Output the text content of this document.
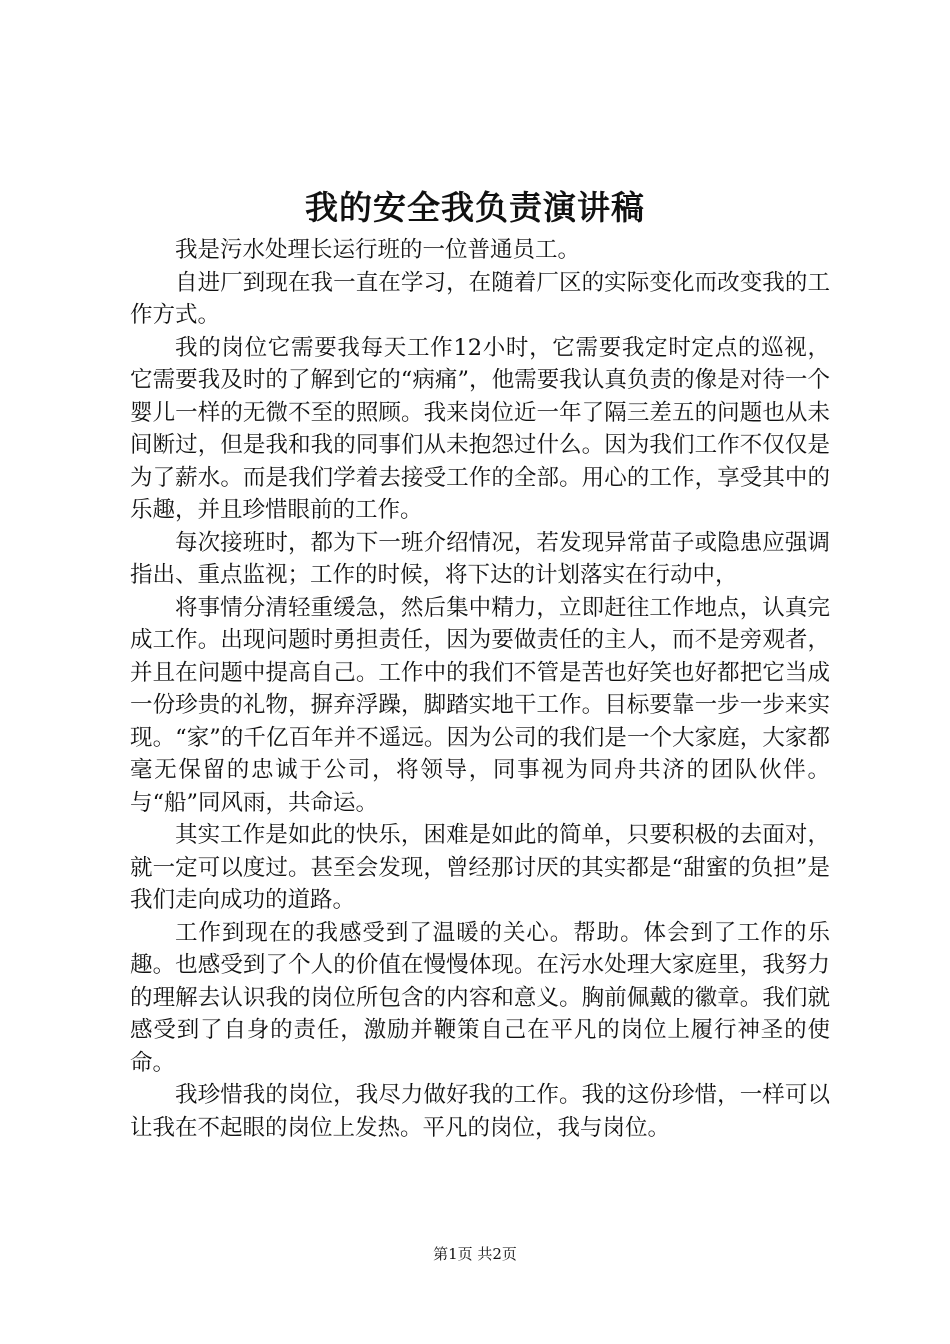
我的安全我负责演讲稿

我是污水处理长运行班的一位普通员工。

自进厂到现在我一直在学习，在随着厂区的实际变化而改变我的工作方式。

我的岗位它需要我每天工作12小时，它需要我定时定点的巡视，它需要我及时的了解到它的“病痛”，他需要我认真负责的像是对待一个婴儿一样的无微不至的照顾。我来岗位近一年了隔三差五的问题也从未间断过，但是我和我的同事们从未抱怨过什么。因为我们工作不仅仅是为了薪水。而是我们学着去接受工作的全部。用心的工作，享受其中的乐趣，并且珍惜眼前的工作。

每次接班时，都为下一班介绍情况，若发现异常苗子或隐患应强调指出、重点监视；工作的时候，将下达的计划落实在行动中，

将事情分清轻重缓急，然后集中精力，立即赶往工作地点，认真完成工作。出现问题时勇担责任，因为要做责任的主人，而不是旁观者，并且在问题中提高自己。工作中的我们不管是苦也好笑也好都把它当成一份珍贵的礼物，摒弃浮躁，脚踏实地干工作。目标要靠一步一步来实现。“家”的千亿百年并不遥远。因为公司的我们是一个大家庭，大家都毫无保留的忠诚于公司，将领导，同事视为同舟共济的团队伙伴。与“船”同风雨，共命运。

其实工作是如此的快乐，困难是如此的简单，只要积极的去面对，就一定可以度过。甚至会发现，曾经那讨厌的其实都是“甜蜜的负担”是我们走向成功的道路。

工作到现在的我感受到了温暖的关心。帮助。体会到了工作的乐趣。也感受到了个人的价值在慢慢体现。在污水处理大家庭里，我努力的理解去认识我的岗位所包含的内容和意义。胸前佩戴的徽章。我们就感受到了自身的责任，激励并鞭策自己在平凡的岗位上履行神圣的使命。

我珍惜我的岗位，我尽力做好我的工作。我的这份珍惜，一样可以让我在不起眼的岗位上发热。平凡的岗位，我与岗位。

第1页 共2页
